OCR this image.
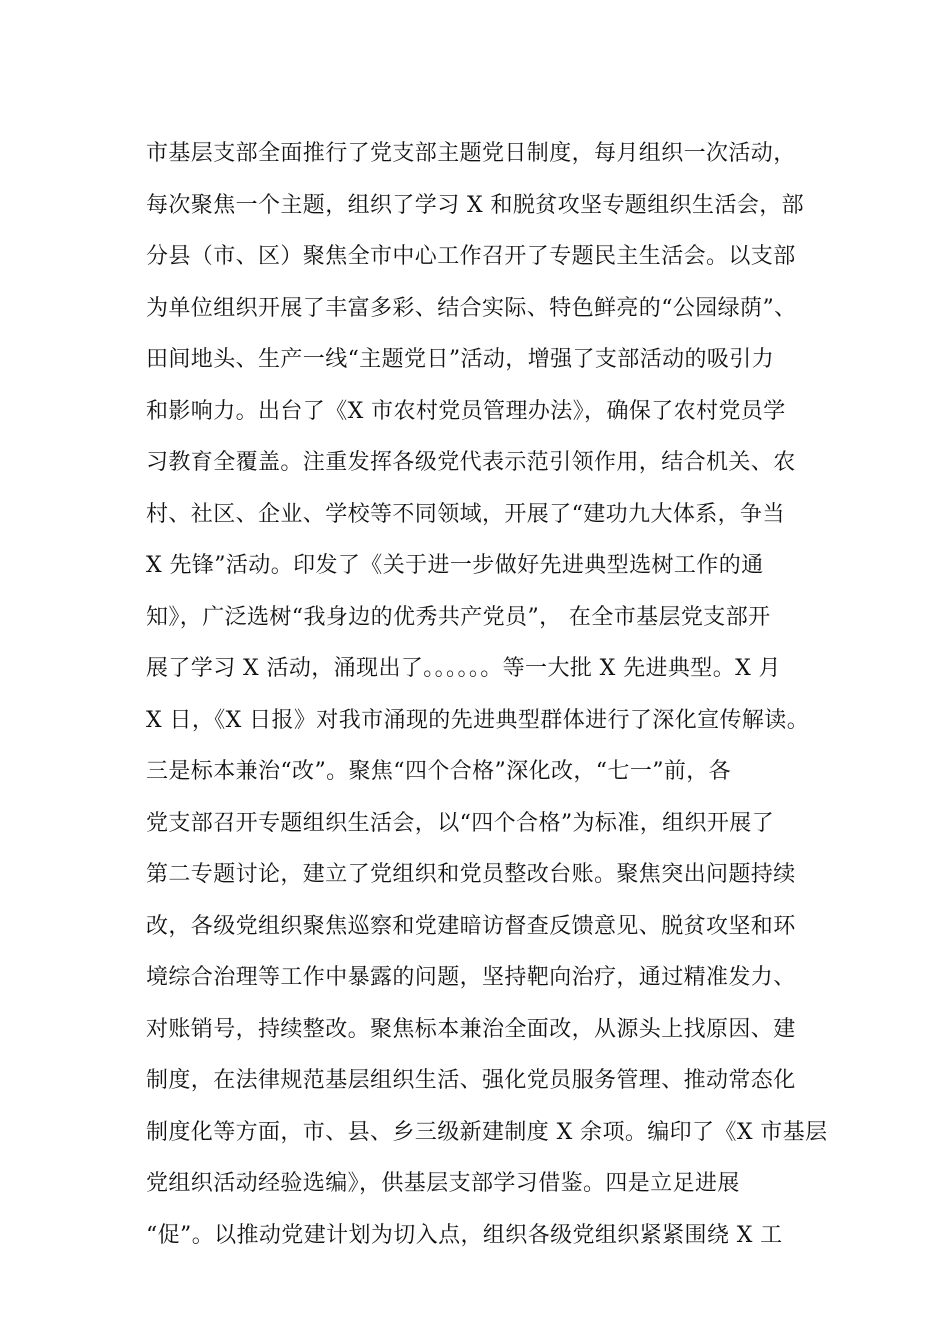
市基层支部全面推行了党支部主题党日制度，每月组织一次活动，
每次聚焦一个主题，组织了学习 X 和脱贫攻坚专题组织生活会，部
分县（市、区）聚焦全市中心工作召开了专题民主生活会。以支部
为单位组织开展了丰富多彩、结合实际、特色鲜亮的“公园绿荫”、
田间地头、生产一线“主题党日”活动，增强了支部活动的吸引力
和影响力。出台了《X 市农村党员管理办法》，确保了农村党员学
习教育全覆盖。注重发挥各级党代表示范引领作用，结合机关、农
村、社区、企业、学校等不同领域，开展了“建功九大体系，争当
X 先锋”活动。印发了《关于进一步做好先进典型选树工作的通
知》，广泛选树“我身边的优秀共产党员”， 在全市基层党支部开
展了学习 X 活动，涌现出了。。。。。。等一大批 X 先进典型。X 月
X 日，《X 日报》对我市涌现的先进典型群体进行了深化宣传解读。
三是标本兼治“改”。聚焦“四个合格”深化改，“七一”前，各
党支部召开专题组织生活会，以“四个合格”为标准，组织开展了
第二专题讨论，建立了党组织和党员整改台账。聚焦突出问题持续
改，各级党组织聚焦巡察和党建暗访督查反馈意见、脱贫攻坚和环
境综合治理等工作中暴露的问题，坚持靶向治疗，通过精准发力、
对账销号，持续整改。聚焦标本兼治全面改，从源头上找原因、建
制度，在法律规范基层组织生活、强化党员服务管理、推动常态化
制度化等方面，市、县、乡三级新建制度 X 余项。编印了《X 市基层
党组织活动经验选编》，供基层支部学习借鉴。四是立足进展
“促”。以推动党建计划为切入点，组织各级党组织紧紧围绕 X 工
